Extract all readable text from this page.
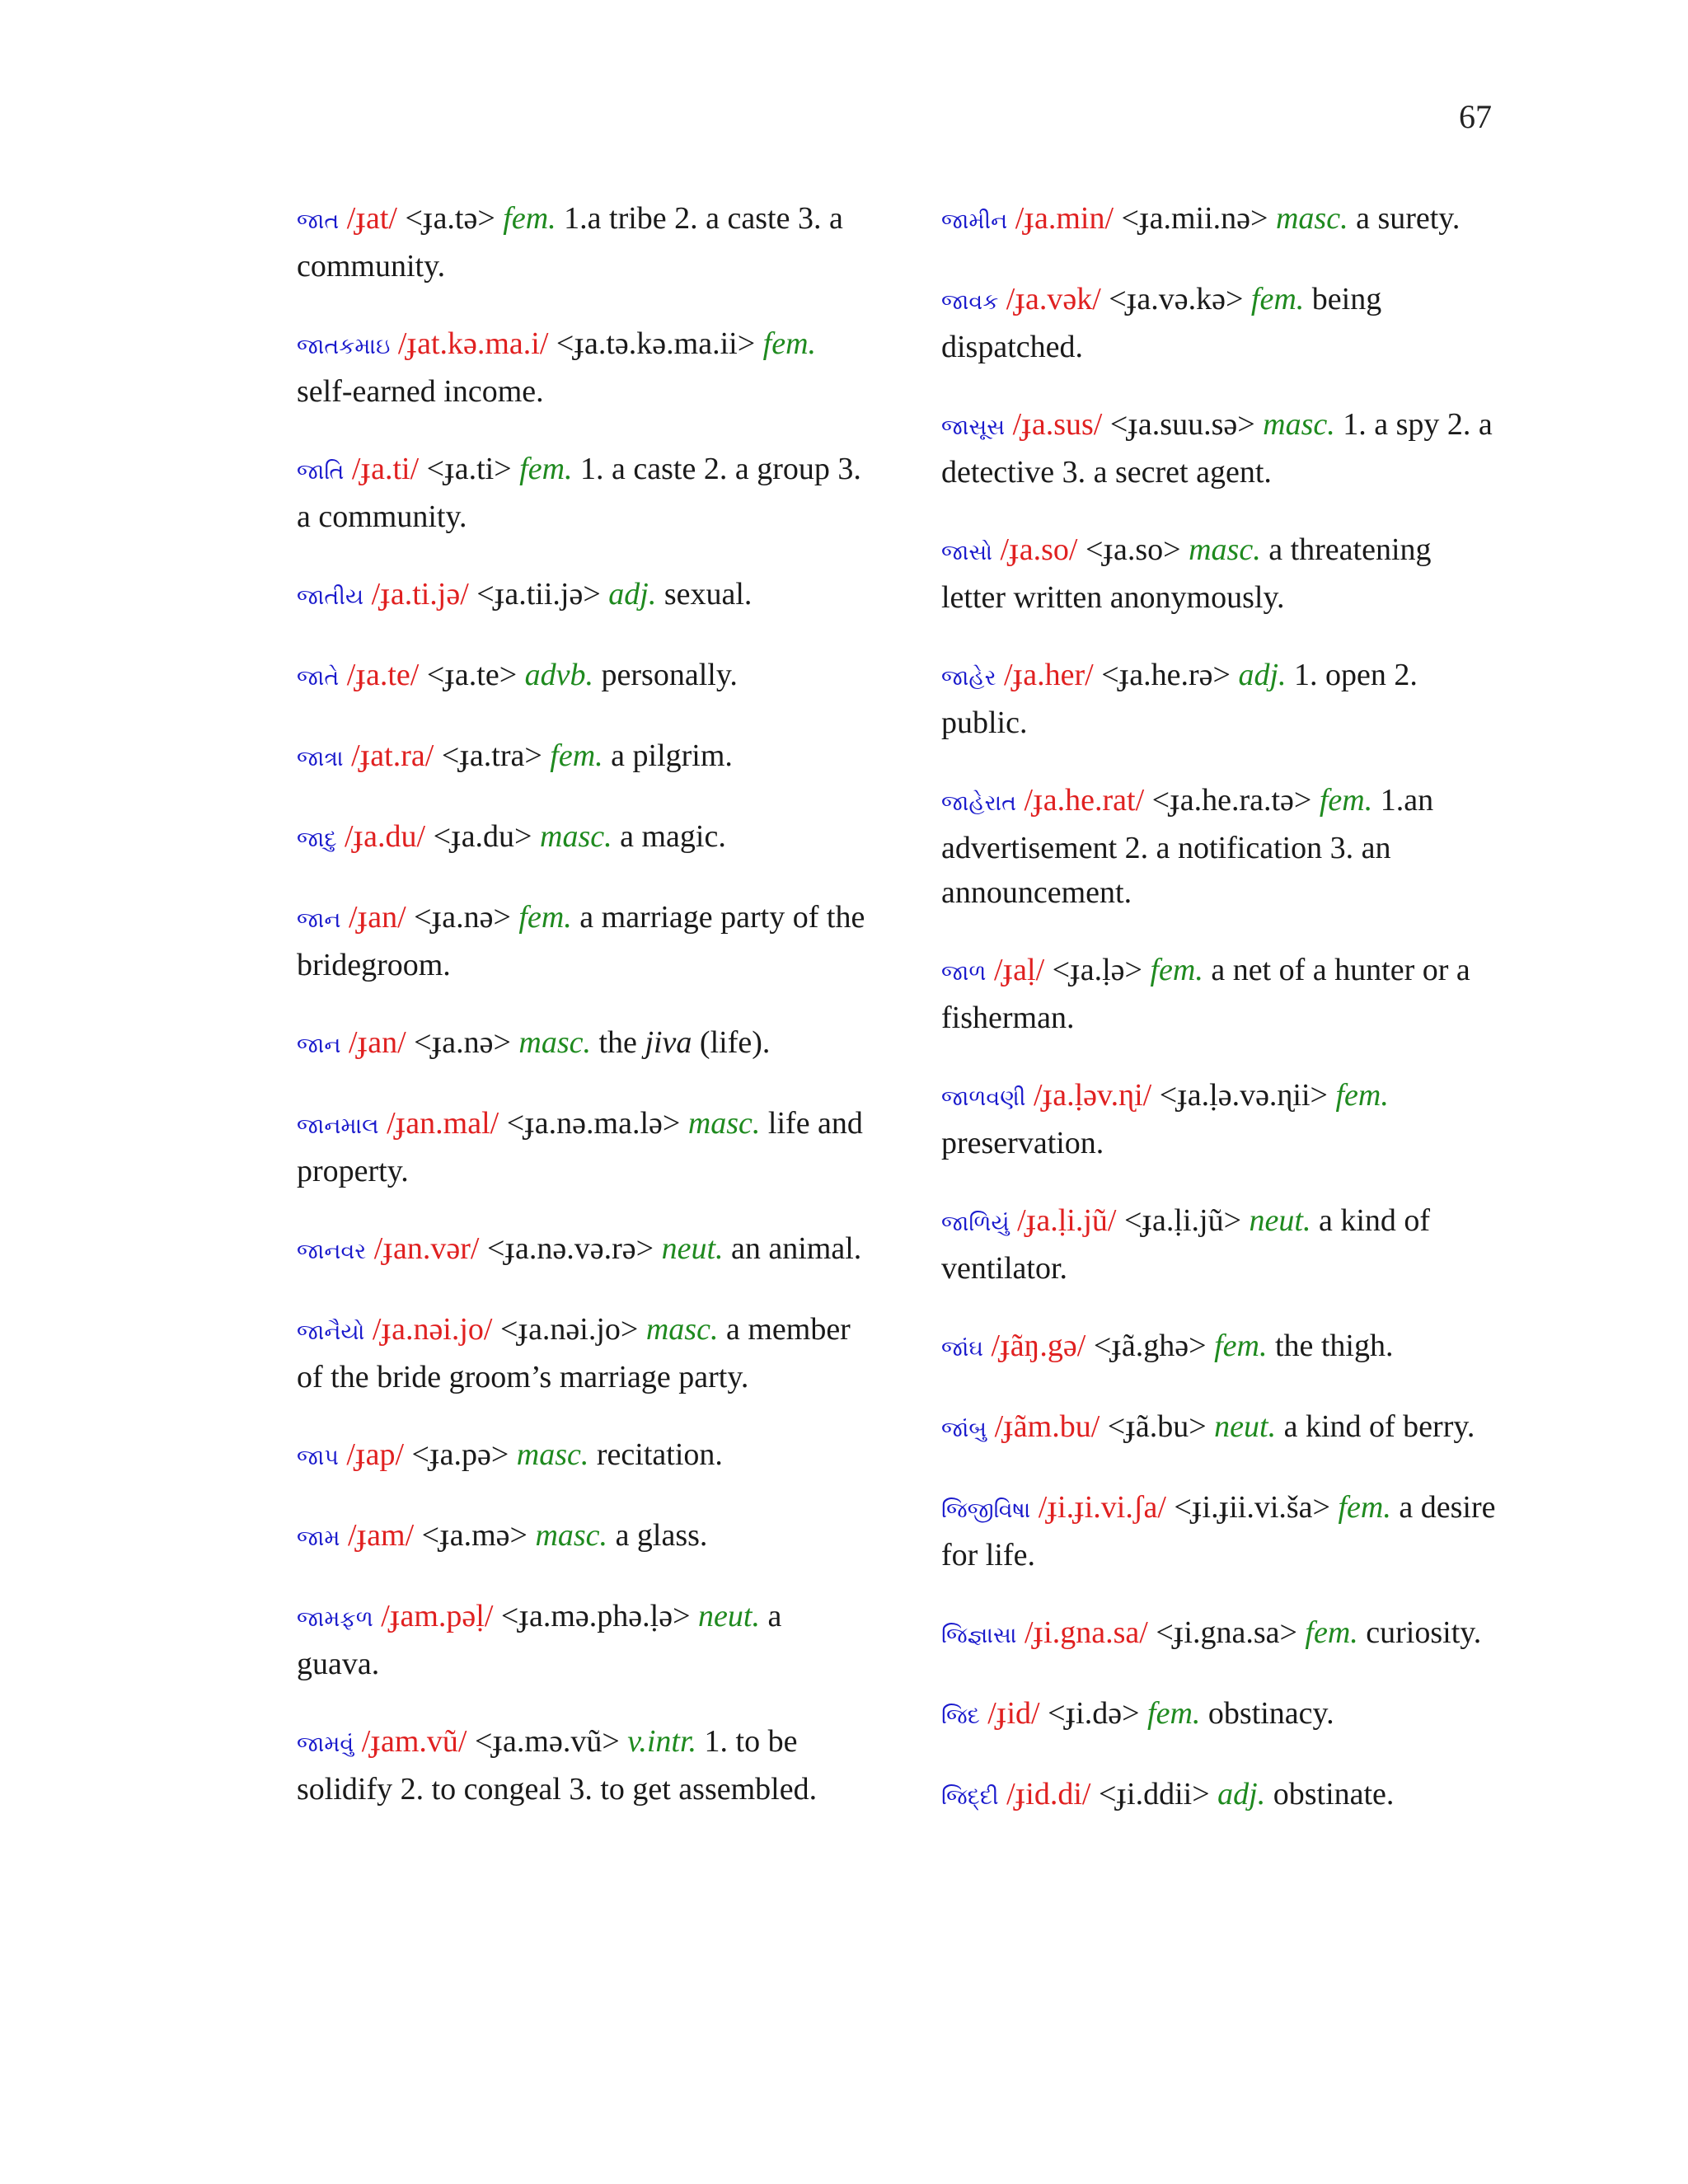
67
જાત /ɟat/ <ɟa.tə> fem. 1.a tribe 2. a caste 3. a community.
જાતકમાઇ /ɟat.kə.ma.i/ <ɟa.tə.kə.ma.ii> fem. self-earned income.
જાતિ /ɟa.ti/ <ɟa.ti> fem. 1. a caste 2. a group 3. a community.
જાતીય /ɟa.ti.jə/ <ɟa.tii.jə> adj. sexual.
જાતે /ɟa.te/ <ɟa.te> advb. personally.
જાત્રા /ɟat.ra/ <ɟa.tra> fem. a pilgrim.
જાદુ /ɟa.du/ <ɟa.du> masc. a magic.
જાન /ɟan/ <ɟa.nə> fem. a marriage party of the bridegroom.
જાન /ɟan/ <ɟa.nə> masc. the jiva (life).
જાનમાલ /ɟan.mal/ <ɟa.nə.ma.lə> masc. life and property.
જાનવર /ɟan.vər/ <ɟa.nə.və.rə> neut. an animal.
જાનૈયો /ɟa.nəi.jo/ <ɟa.nəi.jo> masc. a member of the bride groom’s marriage party.
જાપ /ɟap/ <ɟa.pə> masc. recitation.
જામ /ɟam/ <ɟa.mə> masc. a glass.
જામફળ /ɟam.pəḷ/ <ɟa.mə.phə.ḷə> neut. a guava.
જામવું /ɟam.vũ/ <ɟa.mə.vũ> v.intr. 1. to be solidify 2. to congeal 3. to get assembled.
જામીન /ɟa.min/ <ɟa.mii.nə> masc. a surety.
જાવક /ɟa.vək/ <ɟa.və.kə> fem. being dispatched.
જાસૂસ /ɟa.sus/ <ɟa.suu.sə> masc. 1. a spy 2. a detective 3. a secret agent.
જાસો /ɟa.so/ <ɟa.so> masc. a threatening letter written anonymously.
જાહેર /ɟa.her/ <ɟa.he.rə> adj. 1. open 2. public.
જાહેરાત /ɟa.he.rat/ <ɟa.he.ra.tə> fem. 1.an advertisement 2. a notification 3. an announcement.
જાળ /ɟaḷ/ <ɟa.ḷə> fem. a net of a hunter or a fisherman.
જાળવણી /ɟa.ḷəv.ɳi/ <ɟa.ḷə.və.ɳii> fem. preservation.
જાળિયું /ɟa.ḷi.jũ/ <ɟa.ḷi.jũ> neut. a kind of ventilator.
જાંઘ /ɟãŋ.gə/ <ɟã.ghə> fem. the thigh.
જાંબુ /ɟãm.bu/ <ɟã.bu> neut. a kind of berry.
જિજીવિષા /ɟi.ɟi.vi.ʃa/ <ɟi.ɟii.vi.ša> fem. a desire for life.
જિજ્ઞાસા /ɟi.gna.sa/ <ɟi.gna.sa> fem. curiosity.
જિદ /ɟid/ <ɟi.də> fem. obstinacy.
જિદ્દી /ɟid.di/ <ɟi.ddii> adj. obstinate.
